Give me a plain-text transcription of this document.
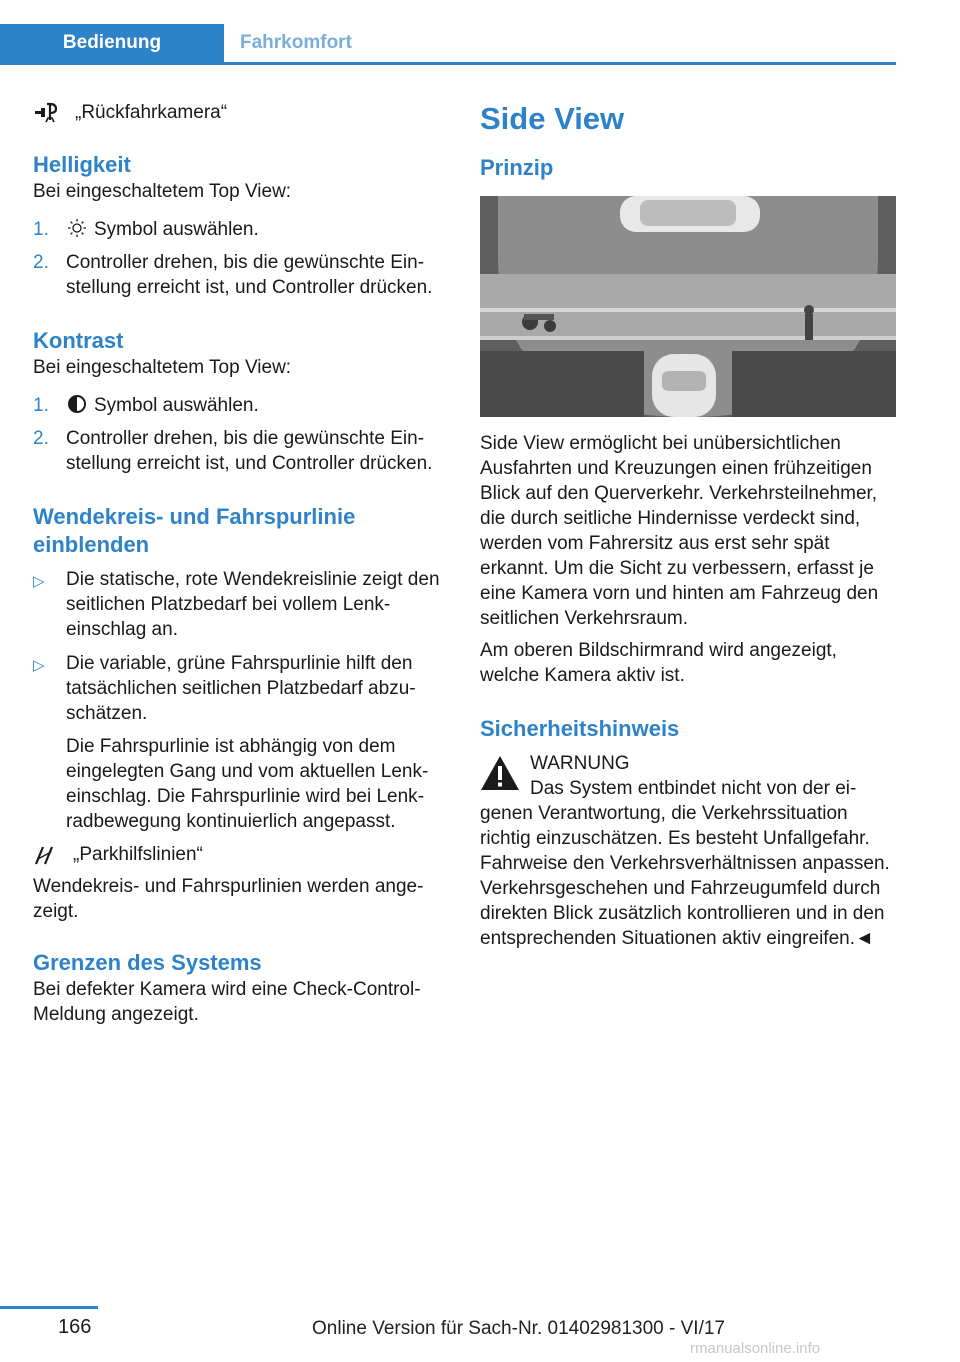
Bedienung	Fahrkomfort
„Rückfahrkamera“
Helligkeit

Bei eingeschaltetem Top View:

1.	Symbol auswählen.
2. Controller drehen, bis die gewünschte Einstellung erreicht ist, und Controller drücken.
Kontrast

Bei eingeschaltetem Top View:

1.	Symbol auswählen.
2. Controller drehen, bis die gewünschte Einstellung erreicht ist, und Controller drücken.
Wendekreis- und Fahrspurlinie einblenden
▷	Die statische, rote Wendekreislinie zeigt den seitlichen Platzbedarf bei vollem Lenkeinschlag an.
▷	Die variable, grüne Fahrspurlinie hilft den tatsächlichen seitlichen Platzbedarf abzuschätzen.
Die Fahrspurlinie ist abhängig von dem eingelegten Gang und vom aktuellen Lenkeinschlag. Die Fahrspurlinie wird bei Lenkradbewegung kontinuierlich angepasst.
„Parkhilfslinien“

Wendekreis- und Fahrspurlinien werden angezeigt.

Grenzen des Systems

Bei defekter Kamera wird eine Check-Control-Meldung angezeigt.

Side View
Prinzip

Side View ermöglicht bei unübersichtlichen Ausfahrten und Kreuzungen einen frühzeitigen Blick auf den Querverkehr. Verkehrsteilnehmer, die durch seitliche Hindernisse verdeckt sind, werden vom Fahrersitz aus erst sehr spät erkannt. Um die Sicht zu verbessern, erfasst je eine Kamera vorn und hinten am Fahrzeug den seitlichen Verkehrsraum.

Am oberen Bildschirmrand wird angezeigt, welche Kamera aktiv ist.

Sicherheitshinweis
WARNUNG
Das System entbindet nicht von der eigenen Verantwortung, die Verkehrssituation richtig einzuschätzen. Es besteht Unfallgefahr. Fahrweise den Verkehrsverhältnissen anpassen. Verkehrsgeschehen und Fahrzeugumfeld durch direkten Blick zusätzlich kontrollieren und in den entsprechenden Situationen aktiv eingreifen.◄
166	Online Version für Sach-Nr. 01402981300 - VI/17
rmanualsonline.info
